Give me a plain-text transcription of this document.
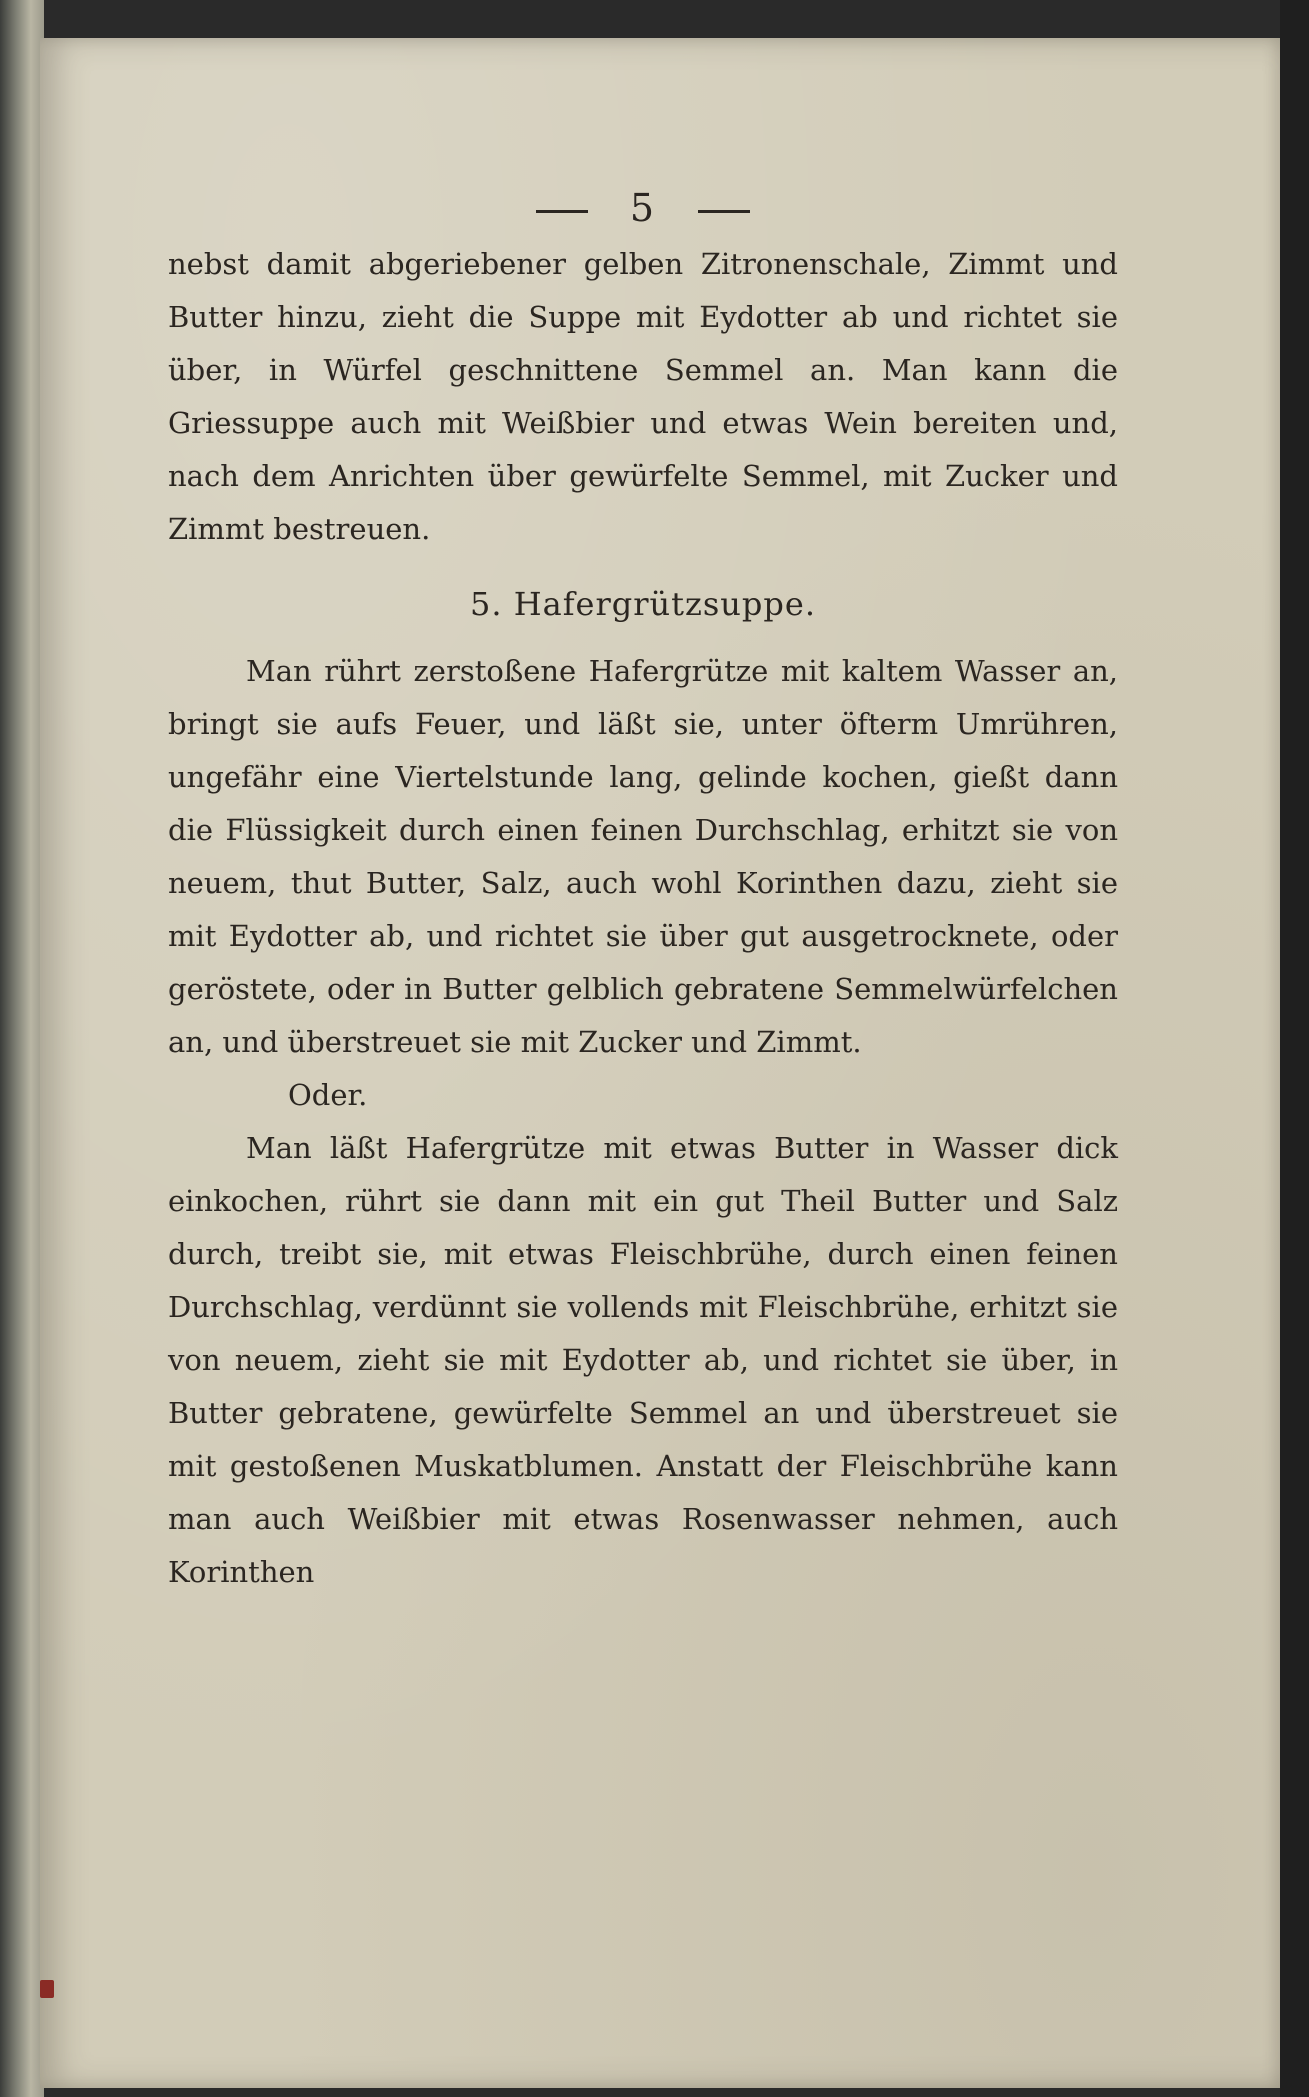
5

nebst damit abgeriebener gelben Zitronenschale, Zimmt und Butter hinzu, zieht die Suppe mit Eydotter ab und richtet sie über, in Würfel geschnittene Semmel an. Man kann die Griessuppe auch mit Weißbier und etwas Wein bereiten und, nach dem Anrichten über gewürfelte Semmel, mit Zucker und Zimmt bestreuen.

5. Hafergrützsuppe.

Man rührt zerstoßene Hafergrütze mit kaltem Wasser an, bringt sie aufs Feuer, und läßt sie, unter öfterm Umrühren, ungefähr eine Viertelstunde lang, gelinde kochen, gießt dann die Flüssigkeit durch einen feinen Durchschlag, erhitzt sie von neuem, thut Butter, Salz, auch wohl Korinthen dazu, zieht sie mit Eydotter ab, und richtet sie über gut ausgetrocknete, oder geröstete, oder in Butter gelblich gebratene Semmelwürfelchen an, und überstreuet sie mit Zucker und Zimmt.

Oder.

Man läßt Hafergrütze mit etwas Butter in Wasser dick einkochen, rührt sie dann mit ein gut Theil Butter und Salz durch, treibt sie, mit etwas Fleischbrühe, durch einen feinen Durchschlag, verdünnt sie vollends mit Fleischbrühe, erhitzt sie von neuem, zieht sie mit Eydotter ab, und richtet sie über, in Butter gebratene, gewürfelte Semmel an und überstreuet sie mit gestoßenen Muskatblumen. Anstatt der Fleischbrühe kann man auch Weißbier mit etwas Rosenwasser nehmen, auch Korinthen
